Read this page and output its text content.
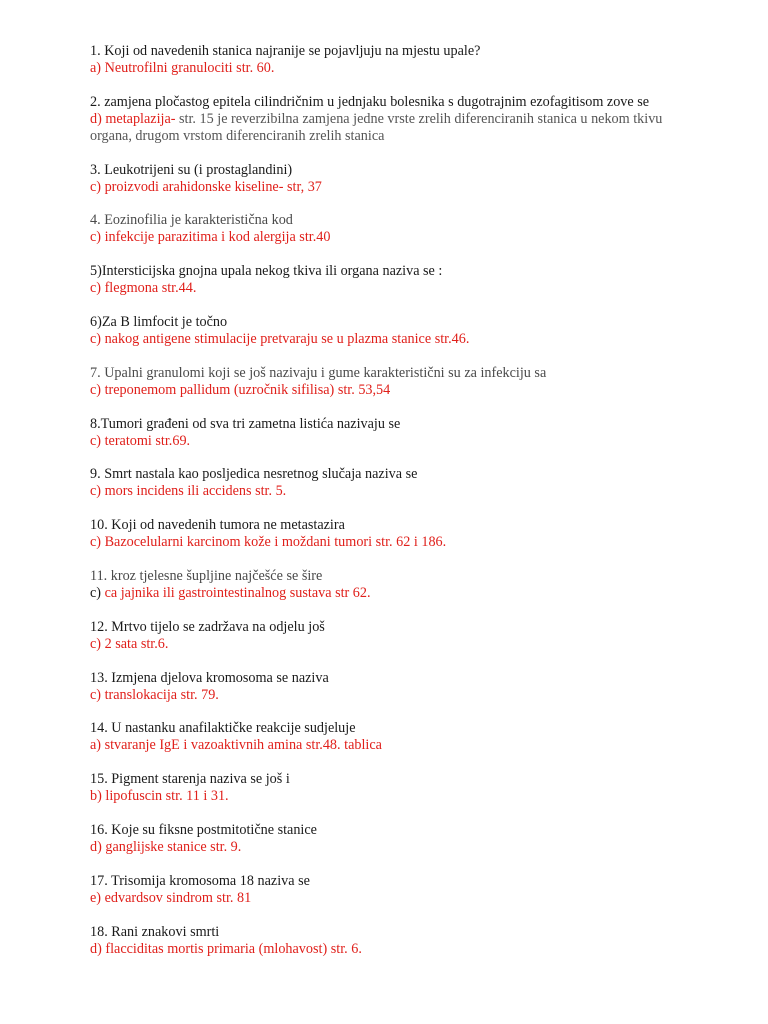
1. Koji od navedenih stanica najranije se pojavljuju na mjestu upale?

a) Neutrofilni granulociti str. 60.

2. zamjena pločastog epitela cilindričnim u jednjaku bolesnika s dugotrajnim ezofagitisom zove se

d) metaplazija- str. 15 je reverzibilna zamjena jedne vrste zrelih diferenciranih stanica u nekom tkivu organa, drugom vrstom diferenciranih zrelih stanica

3. Leukotrijeni su (i prostaglandini)

c) proizvodi arahidonske kiseline- str, 37

4. Eozinofilia je karakteristična kod

c) infekcije parazitima i kod alergija str.40

5)Intersticijska gnojna upala nekog tkiva ili organa naziva se :

c) flegmona str.44.

6)Za B limfocit je točno

c) nakog antigene stimulacije pretvaraju se u plazma stanice str.46.

7. Upalni granulomi koji se još nazivaju i gume karakteristični su za infekciju sa

c) treponemom pallidum (uzročnik sifilisa) str. 53,54

8.Tumori građeni od sva tri zametna listića nazivaju se

c) teratomi str.69.

9. Smrt nastala kao posljedica nesretnog slučaja naziva se

c) mors incidens ili accidens str. 5.

10. Koji od navedenih tumora ne metastazira

c) Bazocelularni karcinom kože i moždani tumori str. 62 i 186.

11. kroz tjelesne šupljine najčešće se šire

c) ca jajnika ili gastrointestinalnog sustava str 62.

12. Mrtvo tijelo se zadržava na odjelu još

c) 2 sata str.6.

13. Izmjena djelova kromosoma se naziva

c) translokacija str. 79.

14. U nastanku anafilaktičke reakcije sudjeluje

a) stvaranje IgE i vazoaktivnih amina str.48. tablica

15. Pigment starenja naziva se još i

b) lipofuscin str. 11 i 31.

16. Koje su fiksne postmitotične stanice

d) ganglijske stanice str. 9.

17. Trisomija kromosoma 18 naziva se

e) edvardsov sindrom str. 81

18. Rani znakovi smrti

d) flacciditas mortis primaria (mlohavost) str. 6.
